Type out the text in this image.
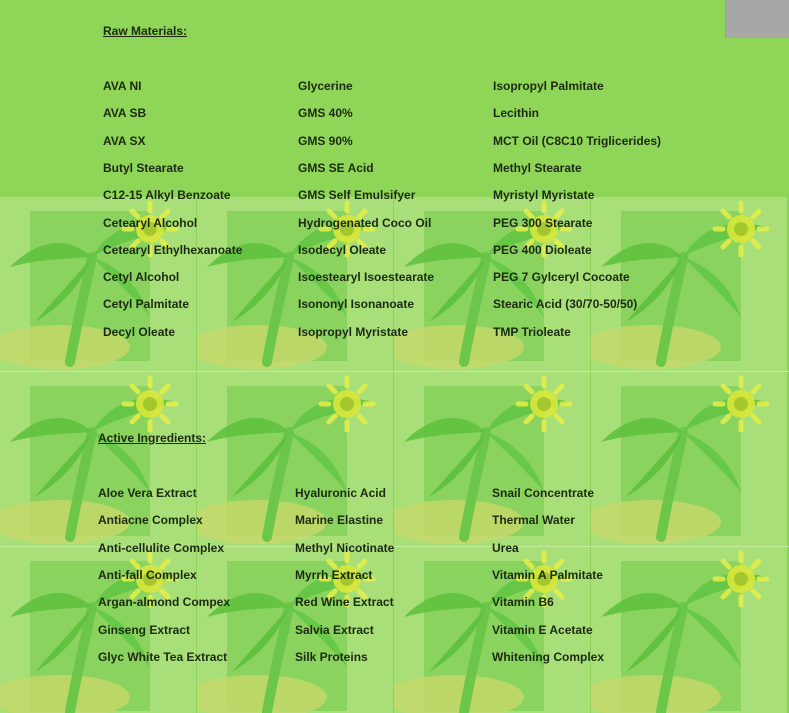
Raw Materials:
AVA NI
AVA SB
AVA SX
Butyl Stearate
C12-15 Alkyl Benzoate
Cetearyl Alcohol
Cetearyl Ethylhexanoate
Cetyl Alcohol
Cetyl Palmitate
Decyl Oleate
Glycerine
GMS 40%
GMS 90%
GMS SE Acid
GMS Self Emulsifyer
Hydrogenated Coco Oil
Isodecyl Oleate
Isoestearyl Isoestearate
Isononyl Isonanoate
Isopropyl Myristate
Isopropyl Palmitate
Lecithin
MCT Oil (C8C10 Triglicerides)
Methyl Stearate
Myristyl Myristate
PEG 300 Stearate
PEG 400 Dioleate
PEG 7 Gylceryl Cocoate
Stearic Acid (30/70-50/50)
TMP Trioleate
Active Ingredients:
Aloe Vera Extract
Antiacne Complex
Anti-cellulite Complex
Anti-fall Complex
Argan-almond Compex
Ginseng Extract
Glyc White Tea Extract
Hyaluronic Acid
Marine Elastine
Methyl Nicotinate
Myrrh Extract
Red Wine Extract
Salvia Extract
Silk Proteins
Snail Concentrate
Thermal Water
Urea
Vitamin A Palmitate
Vitamin B6
Vitamin E Acetate
Whitening Complex
